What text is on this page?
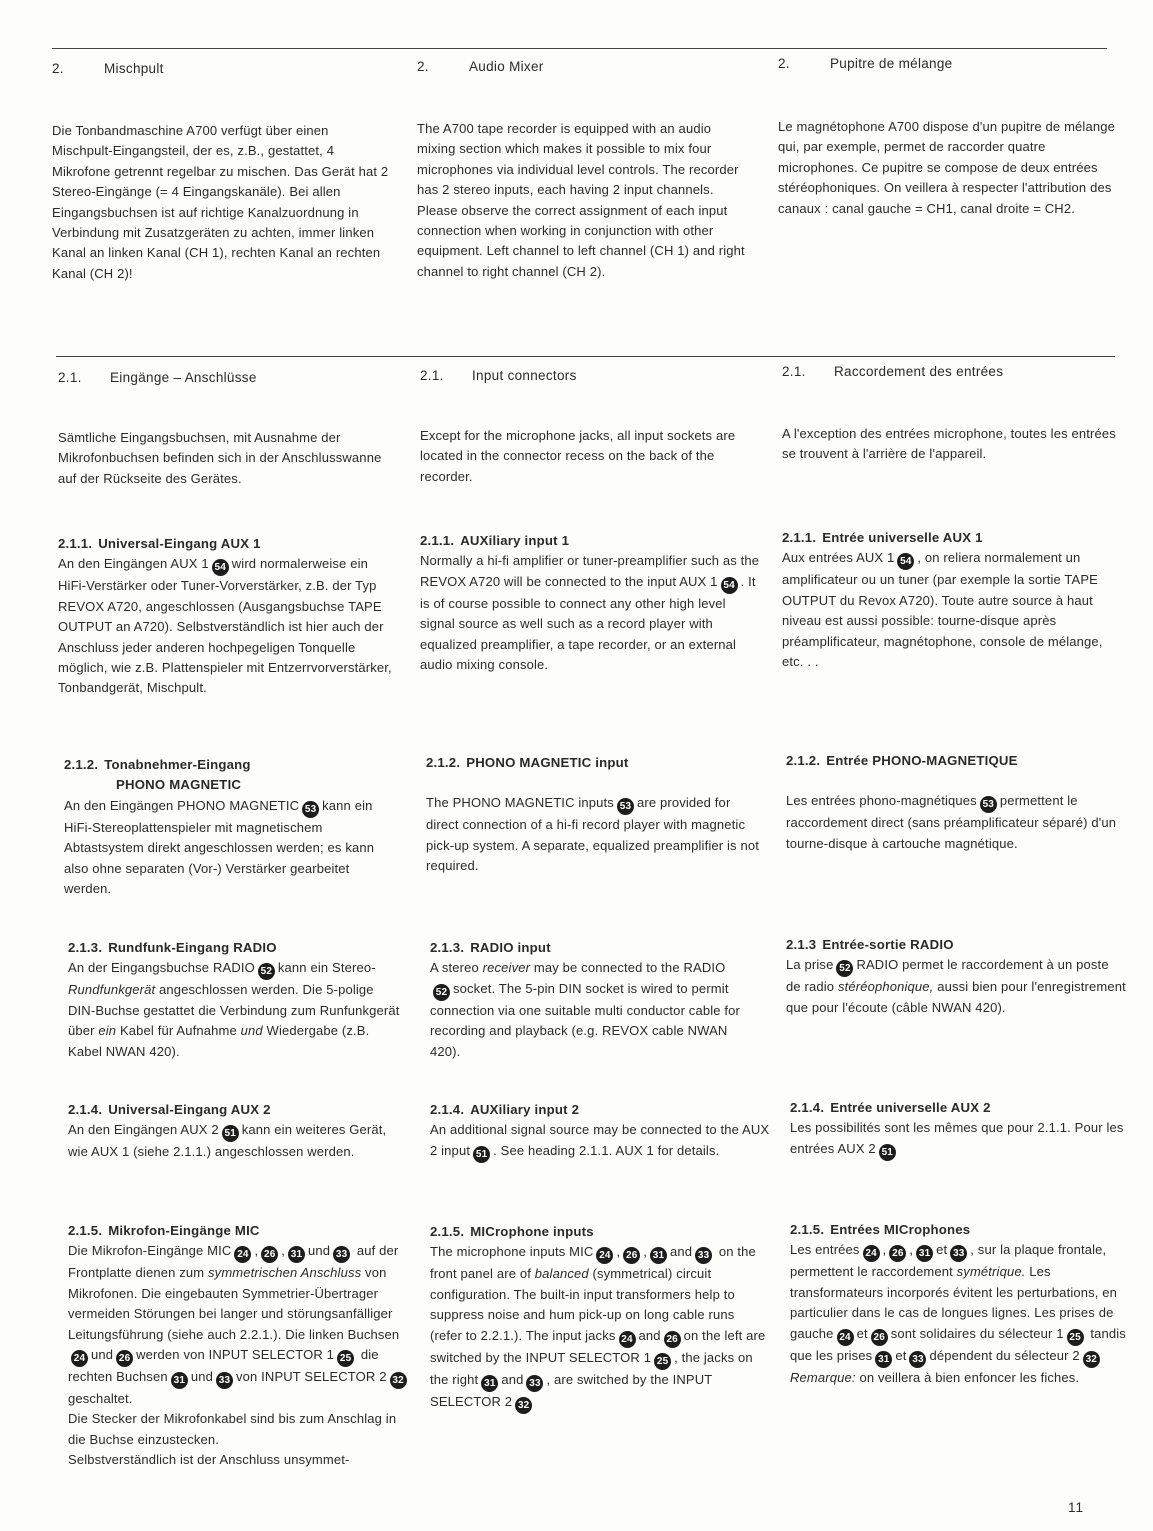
2.	Mischpult	2.	Audio Mixer	2.	Pupitre de mélange

Die Tonbandmaschine A700 verfügt über einen Mischpult-Eingangsteil, der es, z.B., gestattet, 4 Mikrofone getrennt regelbar zu mischen. Das Gerät hat 2 Stereo-Eingänge (= 4 Eingangskanäle). Bei allen Eingangsbuchsen ist auf richtige Kanalzuordnung in Verbindung mit Zusatzgeräten zu achten, immer linken Kanal an linken Kanal (CH 1), rechten Kanal an rechten Kanal (CH 2)!

The A700 tape recorder is equipped with an audio mixing section which makes it possible to mix four microphones via individual level controls. The recorder has 2 stereo inputs, each having 2 input channels. Please observe the correct assignment of each input connection when working in conjunction with other equipment. Left channel to left channel (CH 1) and right channel to right channel (CH 2).

Le magnétophone A700 dispose d'un pupitre de mélange qui, par exemple, permet de raccorder quatre microphones. Ce pupitre se compose de deux entrées stéréophoniques. On veillera à respecter l'attribution des canaux : canal gauche = CH1, canal droite = CH2.

2.1. Eingänge – Anschlüsse	2.1. Input connectors	2.1. Raccordement des entrées

Sämtliche Eingangsbuchsen, mit Ausnahme der Mikrofonbuchsen befinden sich in der Anschlusswanne auf der Rückseite des Gerätes.

Except for the microphone jacks, all input sockets are located in the connector recess on the back of the recorder.

A l'exception des entrées microphone, toutes les entrées se trouvent à l'arrière de l'appareil.

2.1.1. Universal-Eingang AUX 1

An den Eingängen AUX 1 54 wird normalerweise ein HiFi-Verstärker oder Tuner-Vorverstärker, z.B. der Typ REVOX A720, angeschlossen (Ausgangsbuchse TAPE OUTPUT an A720). Selbstverständlich ist hier auch der Anschluss jeder anderen hochpegeligen Tonquelle möglich, wie z.B. Plattenspieler mit Entzerrvorverstärker, Tonbandgerät, Mischpult.

2.1.1. AUXiliary input 1

Normally a hi-fi amplifier or tuner-preamplifier such as the REVOX A720 will be connected to the input AUX 1 54 . It is of course possible to connect any other high level signal source as well such as a record player with equalized preamplifier, a tape recorder, or an external audio mixing console.

2.1.1. Entrée universelle AUX 1

Aux entrées AUX 1 54 , on reliera normalement un amplificateur ou un tuner (par exemple la sortie TAPE OUTPUT du Revox A720). Toute autre source à haut niveau est aussi possible: tourne-disque après préamplificateur, magnétophone, console de mélange, etc. . .

2.1.2. Tonabnehmer-Eingang
PHONO MAGNETIC

An den Eingängen PHONO MAGNETIC 53 kann ein HiFi-Stereoplattenspieler mit magnetischem Abtastsystem direkt angeschlossen werden; es kann also ohne separaten (Vor-) Verstärker gearbeitet werden.

2.1.2. PHONO MAGNETIC input

The PHONO MAGNETIC inputs 53 are provided for direct connection of a hi-fi record player with magnetic pick-up system. A separate, equalized preamplifier is not required.

2.1.2. Entrée PHONO-MAGNETIQUE

Les entrées phono-magnétiques 53 permettent le raccordement direct (sans préamplificateur séparé) d'un tourne-disque à cartouche magnétique.

2.1.3. Rundfunk-Eingang RADIO

An der Eingangsbuchse RADIO 52 kann ein Stereo-Rundfunkgerät angeschlossen werden. Die 5-polige DIN-Buchse gestattet die Verbindung zum Runfunkgerät über ein Kabel für Aufnahme und Wiedergabe (z.B. Kabel NWAN 420).

2.1.3. RADIO input

A stereo receiver may be connected to the RADIO52 socket. The 5-pin DIN socket is wired to permit connection via one suitable multi conductor cable for recording and playback (e.g. REVOX cable NWAN 420).

2.1.3 Entrée-sortie RADIO

La prise 52 RADIO permet le raccordement à un poste de radio stéréophonique, aussi bien pour l'enregistrement que pour l'écoute (câble NWAN 420).

2.1.4. Universal-Eingang AUX 2

An den Eingängen AUX 2 51 kann ein weiteres Gerät, wie AUX 1 (siehe 2.1.1.) angeschlossen werden.

2.1.4. AUXiliary input 2

An additional signal source may be connected to the AUX 2 input 51 . See heading 2.1.1. AUX 1 for details.

2.1.4. Entrée universelle AUX 2

Les possibilités sont les mêmes que pour 2.1.1. Pour les entrées AUX 2 51

2.1.5. Mikrofon-Eingänge MIC

Die Mikrofon-Eingänge MIC 24 , 26 , 31 und 33 auf der Frontplatte dienen zum symmetrischen Anschluss von Mikrofonen. Die eingebauten Symmetrier-Übertrager vermeiden Störungen bei langer und störungsanfälliger Leitungsführung (siehe auch 2.2.1.). Die linken Buchsen24 und 26 werden von INPUT SELECTOR 1 25 die rechten Buchsen 31 und 33 von INPUT SELECTOR 2 32geschaltet.
Die Stecker der Mikrofonkabel sind bis zum Anschlag in die Buchse einzustecken.
Selbstverständlich ist der Anschluss unsymmet-

2.1.5. MICrophone inputs

The microphone inputs MIC 24 , 26 , 31 and 33 on the front panel are of balanced (symmetrical) circuit configuration. The built-in input transformers help to suppress noise and hum pick-up on long cable runs (refer to 2.2.1.). The input jacks 24 and 26 on the left are switched by the INPUT SELECTOR 1 25 , the jacks on the right 31 and 33 , are switched by the INPUT SELECTOR 2 32

2.1.5. Entrées MICrophones

Les entrées 24 , 26 , 31 et 33 , sur la plaque frontale, permettent le raccordement symétrique. Les transformateurs incorporés évitent les perturbations, en particulier dans le cas de longues lignes. Les prises de gauche 24 et 26 sont solidaires du sélecteur 1 25 tandis que les prises 31 et 33 dépendent du sélecteur 2 32
Remarque: on veillera à bien enfoncer les fiches.

11
